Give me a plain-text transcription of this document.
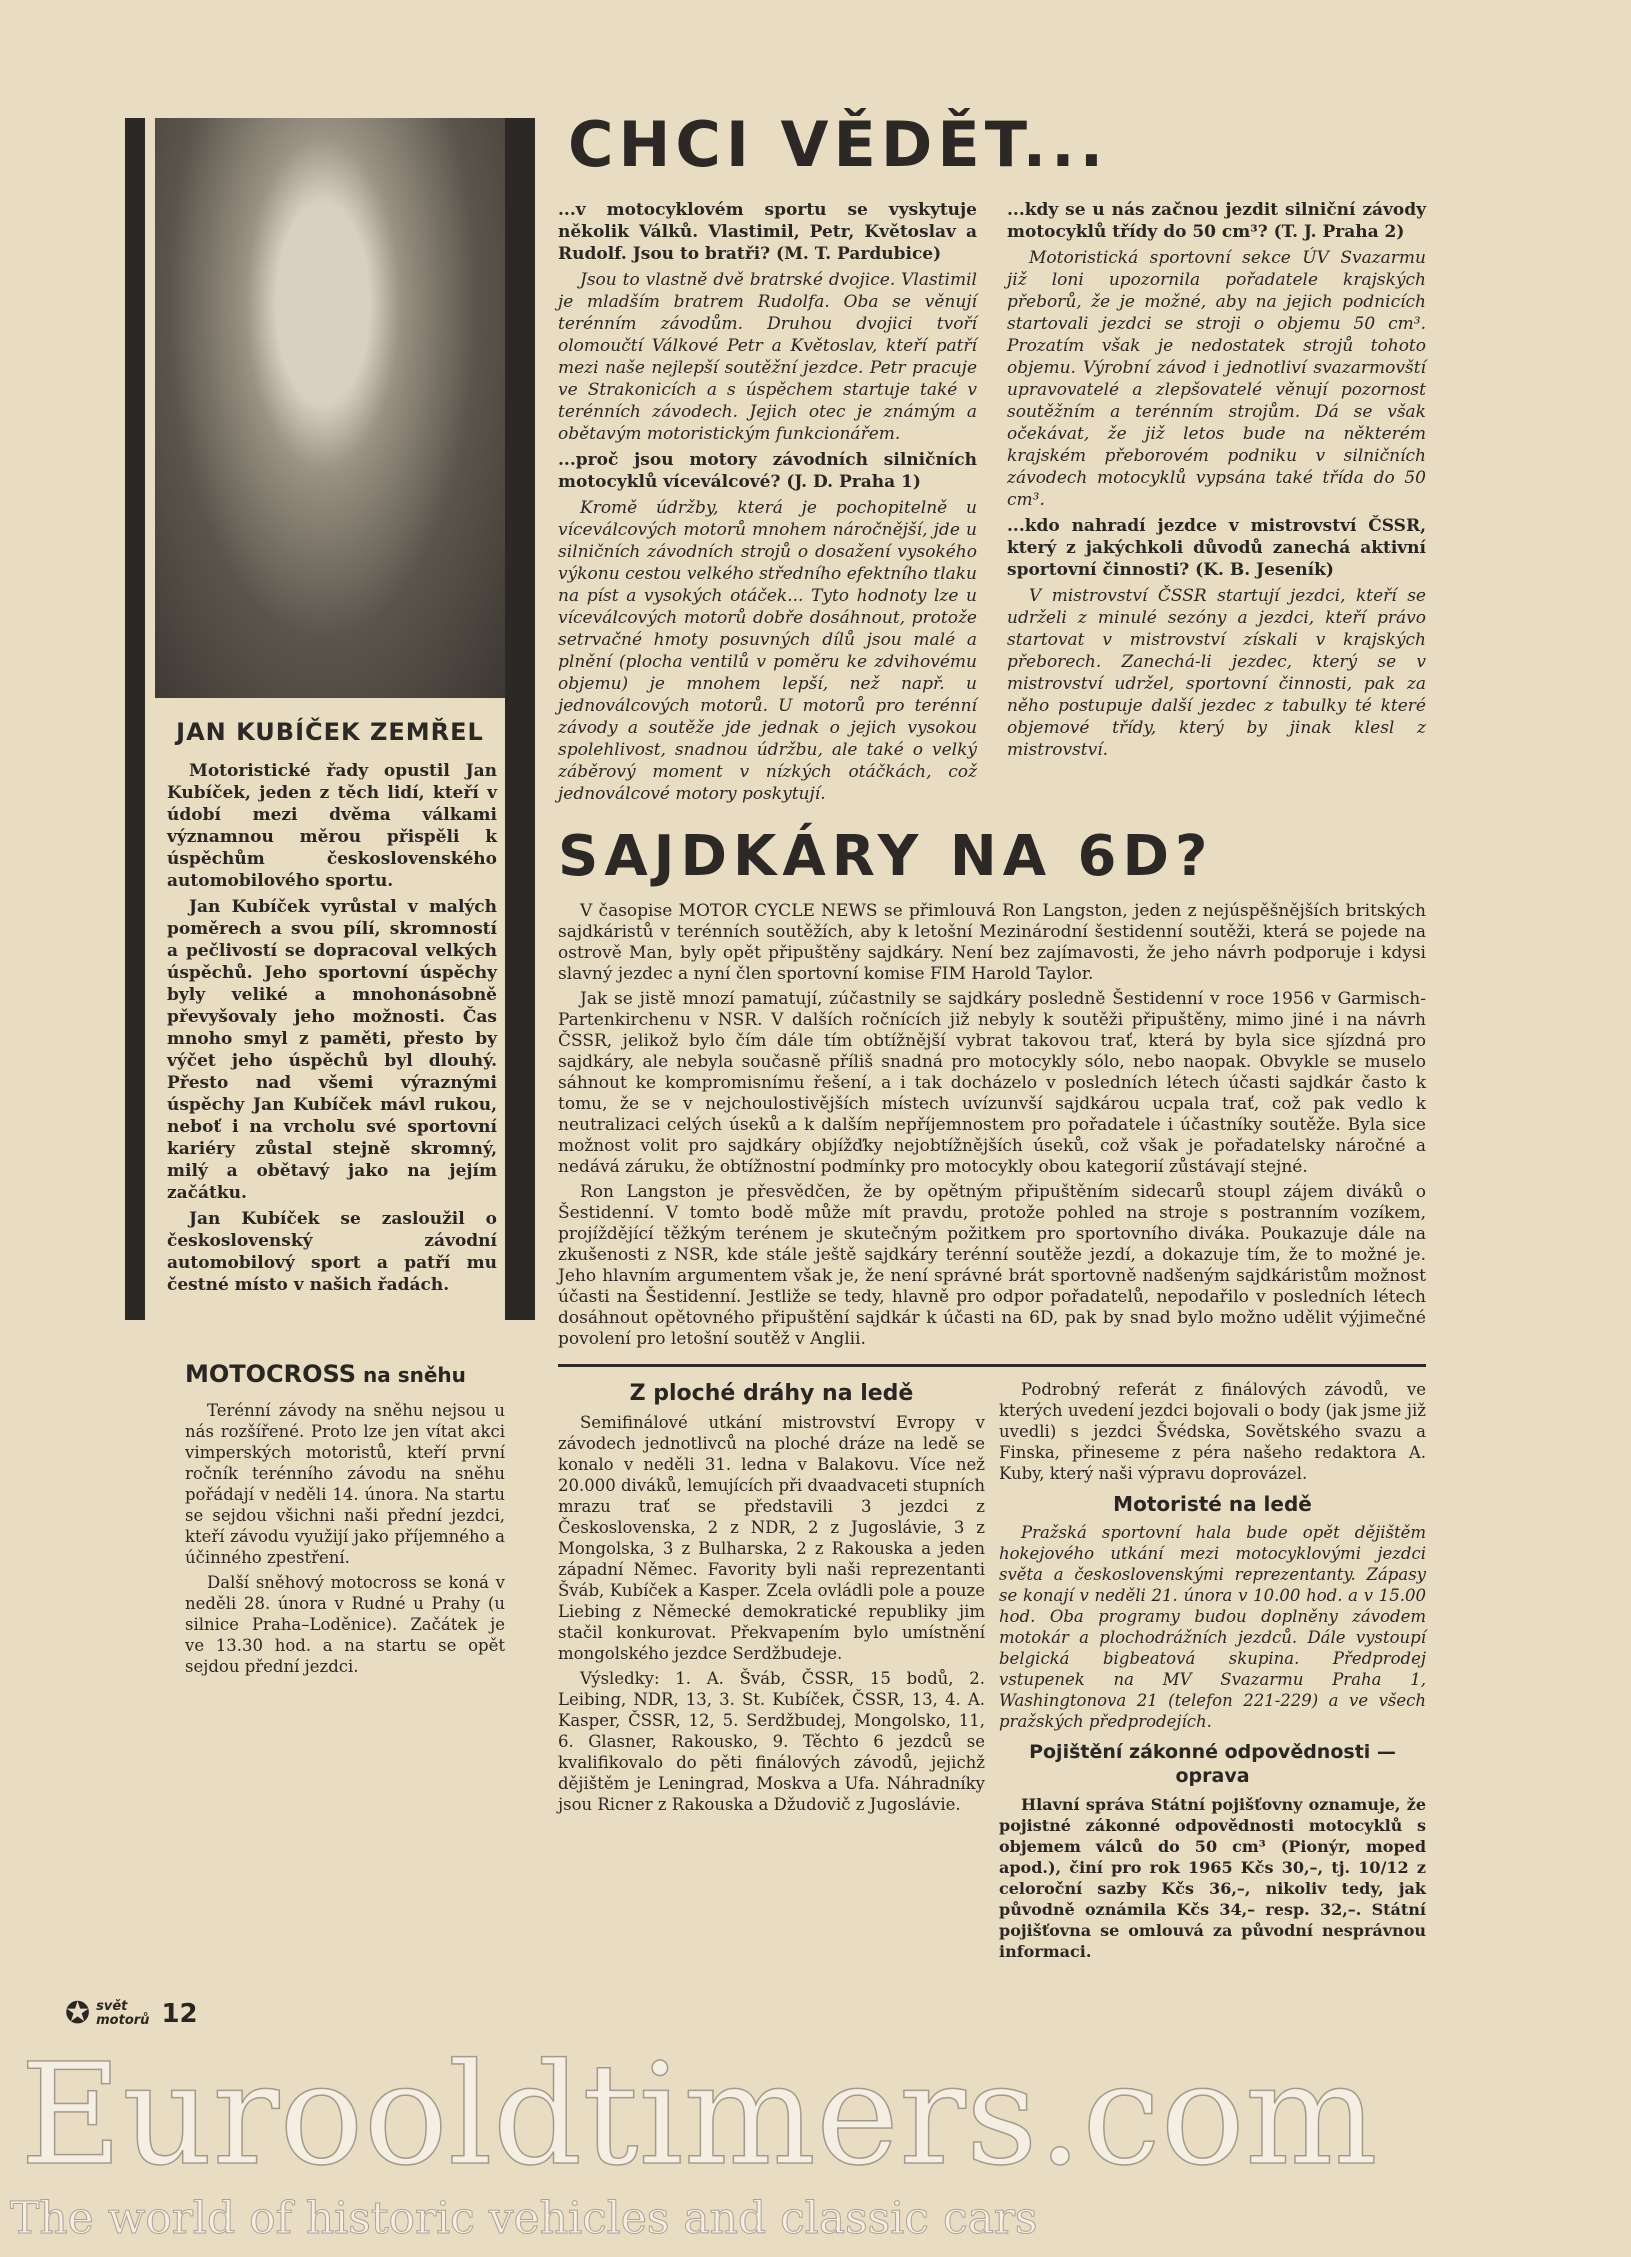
JAN KUBÍČEK ZEMŘEL

Motoristické řady opustil Jan Kubíček, jeden z těch lidí, kteří v údobí mezi dvěma válkami významnou měrou přispěli k úspěchům československého automobilového sportu.

Jan Kubíček vyrůstal v malých poměrech a svou pílí, skromností a pečlivostí se dopracoval velkých úspěchů. Jeho sportovní úspěchy byly veliké a mnohonásobně převyšovaly jeho možnosti. Čas mnoho smyl z paměti, přesto by výčet jeho úspěchů byl dlouhý. Přesto nad všemi výraznými úspěchy Jan Kubíček mávl rukou, neboť i na vrcholu své sportovní kariéry zůstal stejně skromný, milý a obětavý jako na jejím začátku.

Jan Kubíček se zasloužil o československý závodní automobilový sport a patří mu čestné místo v našich řadách.

MOTOCROSS na sněhu

Terénní závody na sněhu nejsou u nás rozšířené. Proto lze jen vítat akci vimperských motoristů, kteří první ročník terénního závodu na sněhu pořádají v neděli 14. února. Na startu se sejdou všichni naši přední jezdci, kteří závodu využijí jako příjemného a účinného zpestření.

Další sněhový motocross se koná v neděli 28. února v Rudné u Prahy (u silnice Praha–Loděnice). Začátek je ve 13.30 hod. a na startu se opět sejdou přední jezdci.

CHCI VĚDĚT...

...v motocyklovém sportu se vyskytuje několik Válků. Vlastimil, Petr, Květoslav a Rudolf. Jsou to bratři? (M. T. Pardubice)

Jsou to vlastně dvě bratrské dvojice. Vlastimil je mladším bratrem Rudolfa. Oba se věnují terénním závodům. Druhou dvojici tvoří olomoučtí Válkové Petr a Květoslav, kteří patří mezi naše nejlepší soutěžní jezdce. Petr pracuje ve Strakonicích a s úspěchem startuje také v terénních závodech. Jejich otec je známým a obětavým motoristickým funkcionářem.

...proč jsou motory závodních silničních motocyklů víceválcové? (J. D. Praha 1)

Kromě údržby, která je pochopitelně u víceválcových motorů mnohem náročnější, jde u silničních závodních strojů o dosažení vysokého výkonu cestou velkého středního efektního tlaku na píst a vysokých otáček... Tyto hodnoty lze u víceválcových motorů dobře dosáhnout, protože setrvačné hmoty posuvných dílů jsou malé a plnění (plocha ventilů v poměru ke zdvihovému objemu) je mnohem lepší, než např. u jednoválcových motorů. U motorů pro terénní závody a soutěže jde jednak o jejich vysokou spolehlivost, snadnou údržbu, ale také o velký záběrový moment v nízkých otáčkách, což jednoválcové motory poskytují.

...kdy se u nás začnou jezdit silniční závody motocyklů třídy do 50 cm³? (T. J. Praha 2)

Motoristická sportovní sekce ÚV Svazarmu již loni upozornila pořadatele krajských přeborů, že je možné, aby na jejich podnicích startovali jezdci se stroji o objemu 50 cm³. Prozatím však je nedostatek strojů tohoto objemu. Výrobní závod i jednotliví svazarmovští upravovatelé a zlepšovatelé věnují pozornost soutěžním a terénním strojům. Dá se však očekávat, že již letos bude na některém krajském přeborovém podniku v silničních závodech motocyklů vypsána také třída do 50 cm³.

...kdo nahradí jezdce v mistrovství ČSSR, který z jakýchkoli důvodů zanechá aktivní sportovní činnosti? (K. B. Jeseník)

V mistrovství ČSSR startují jezdci, kteří se udrželi z minulé sezóny a jezdci, kteří právo startovat v mistrovství získali v krajských přeborech. Zanechá-li jezdec, který se v mistrovství udržel, sportovní činnosti, pak za něho postupuje další jezdec z tabulky té které objemové třídy, který by jinak klesl z mistrovství.

SAJDKÁRY NA 6D?

V časopise MOTOR CYCLE NEWS se přimlouvá Ron Langston, jeden z nejúspěšnějších britských sajdkáristů v terénních soutěžích, aby k letošní Mezinárodní šestidenní soutěži, která se pojede na ostrově Man, byly opět připuštěny sajdkáry. Není bez zajímavosti, že jeho návrh podporuje i kdysi slavný jezdec a nyní člen sportovní komise FIM Harold Taylor.

Jak se jistě mnozí pamatují, zúčastnily se sajdkáry posledně Šestidenní v roce 1956 v Garmisch-Partenkirchenu v NSR. V dalších ročnících již nebyly k soutěži připuštěny, mimo jiné i na návrh ČSSR, jelikož bylo čím dále tím obtížnější vybrat takovou trať, která by byla sice sjízdná pro sajdkáry, ale nebyla současně příliš snadná pro motocykly sólo, nebo naopak. Obvykle se muselo sáhnout ke kompromisnímu řešení, a i tak docházelo v posledních létech účasti sajdkár často k tomu, že se v nejchoulostivějších místech uvízunvší sajdkárou ucpala trať, což pak vedlo k neutralizaci celých úseků a k dalším nepříjemnostem pro pořadatele i účastníky soutěže. Byla sice možnost volit pro sajdkáry objížďky nejobtížnějších úseků, což však je pořadatelsky náročné a nedává záruku, že obtížnostní podmínky pro motocykly obou kategorií zůstávají stejné.

Ron Langston je přesvědčen, že by opětným připuštěním sidecarů stoupl zájem diváků o Šestidenní. V tomto bodě může mít pravdu, protože pohled na stroje s postranním vozíkem, projíždějící těžkým terénem je skutečným požitkem pro sportovního diváka. Poukazuje dále na zkušenosti z NSR, kde stále ještě sajdkáry terénní soutěže jezdí, a dokazuje tím, že to možné je. Jeho hlavním argumentem však je, že není správné brát sportovně nadšeným sajdkáristům možnost účasti na Šestidenní. Jestliže se tedy, hlavně pro odpor pořadatelů, nepodařilo v posledních létech dosáhnout opětovného připuštění sajdkár k účasti na 6D, pak by snad bylo možno udělit výjimečné povolení pro letošní soutěž v Anglii.

Z ploché dráhy na ledě

Semifinálové utkání mistrovství Evropy v závodech jednotlivců na ploché dráze na ledě se konalo v neděli 31. ledna v Balakovu. Více než 20.000 diváků, lemujících při dvaadvaceti stupních mrazu trať se představili 3 jezdci z Československa, 2 z NDR, 2 z Jugoslávie, 3 z Mongolska, 3 z Bulharska, 2 z Rakouska a jeden západní Němec. Favority byli naši reprezentanti Šváb, Kubíček a Kasper. Zcela ovládli pole a pouze Liebing z Německé demokratické republiky jim stačil konkurovat. Překvapením bylo umístnění mongolského jezdce Serdžbudeje.

Výsledky: 1. A. Šváb, ČSSR, 15 bodů, 2. Leibing, NDR, 13, 3. St. Kubíček, ČSSR, 13, 4. A. Kasper, ČSSR, 12, 5. Serdžbudej, Mongolsko, 11, 6. Glasner, Rakousko, 9. Těchto 6 jezdců se kvalifikovalo do pěti finálových závodů, jejichž dějištěm je Leningrad, Moskva a Ufa. Náhradníky jsou Ricner z Rakouska a Džudovič z Jugoslávie.

Podrobný referát z finálových závodů, ve kterých uvedení jezdci bojovali o body (jak jsme již uvedli) s jezdci Švédska, Sovětského svazu a Finska, přineseme z péra našeho redaktora A. Kuby, který naši výpravu doprovázel.

Motoristé na ledě

Pražská sportovní hala bude opět dějištěm hokejového utkání mezi motocyklovými jezdci světa a československými reprezentanty. Zápasy se konají v neděli 21. února v 10.00 hod. a v 15.00 hod. Oba programy budou doplněny závodem motokár a plochodrážních jezdců. Dále vystoupí belgická bigbeatová skupina. Předprodej vstupenek na MV Svazarmu Praha 1, Washingtonova 21 (telefon 221-229) a ve všech pražských předprodejích.

Pojištění zákonné odpovědnosti — oprava

Hlavní správa Státní pojišťovny oznamuje, že pojistné zákonné odpovědnosti motocyklů s objemem válců do 50 cm³ (Pionýr, moped apod.), činí pro rok 1965 Kčs 30,–, tj. 10/12 z celoroční sazby Kčs 36,–, nikoliv tedy, jak původně oznámila Kčs 34,– resp. 32,–. Státní pojišťovna se omlouvá za původní nesprávnou informaci.

✪ svět
motorů 12
Eurooldtimers.com
The world of historic vehicles and classic cars
